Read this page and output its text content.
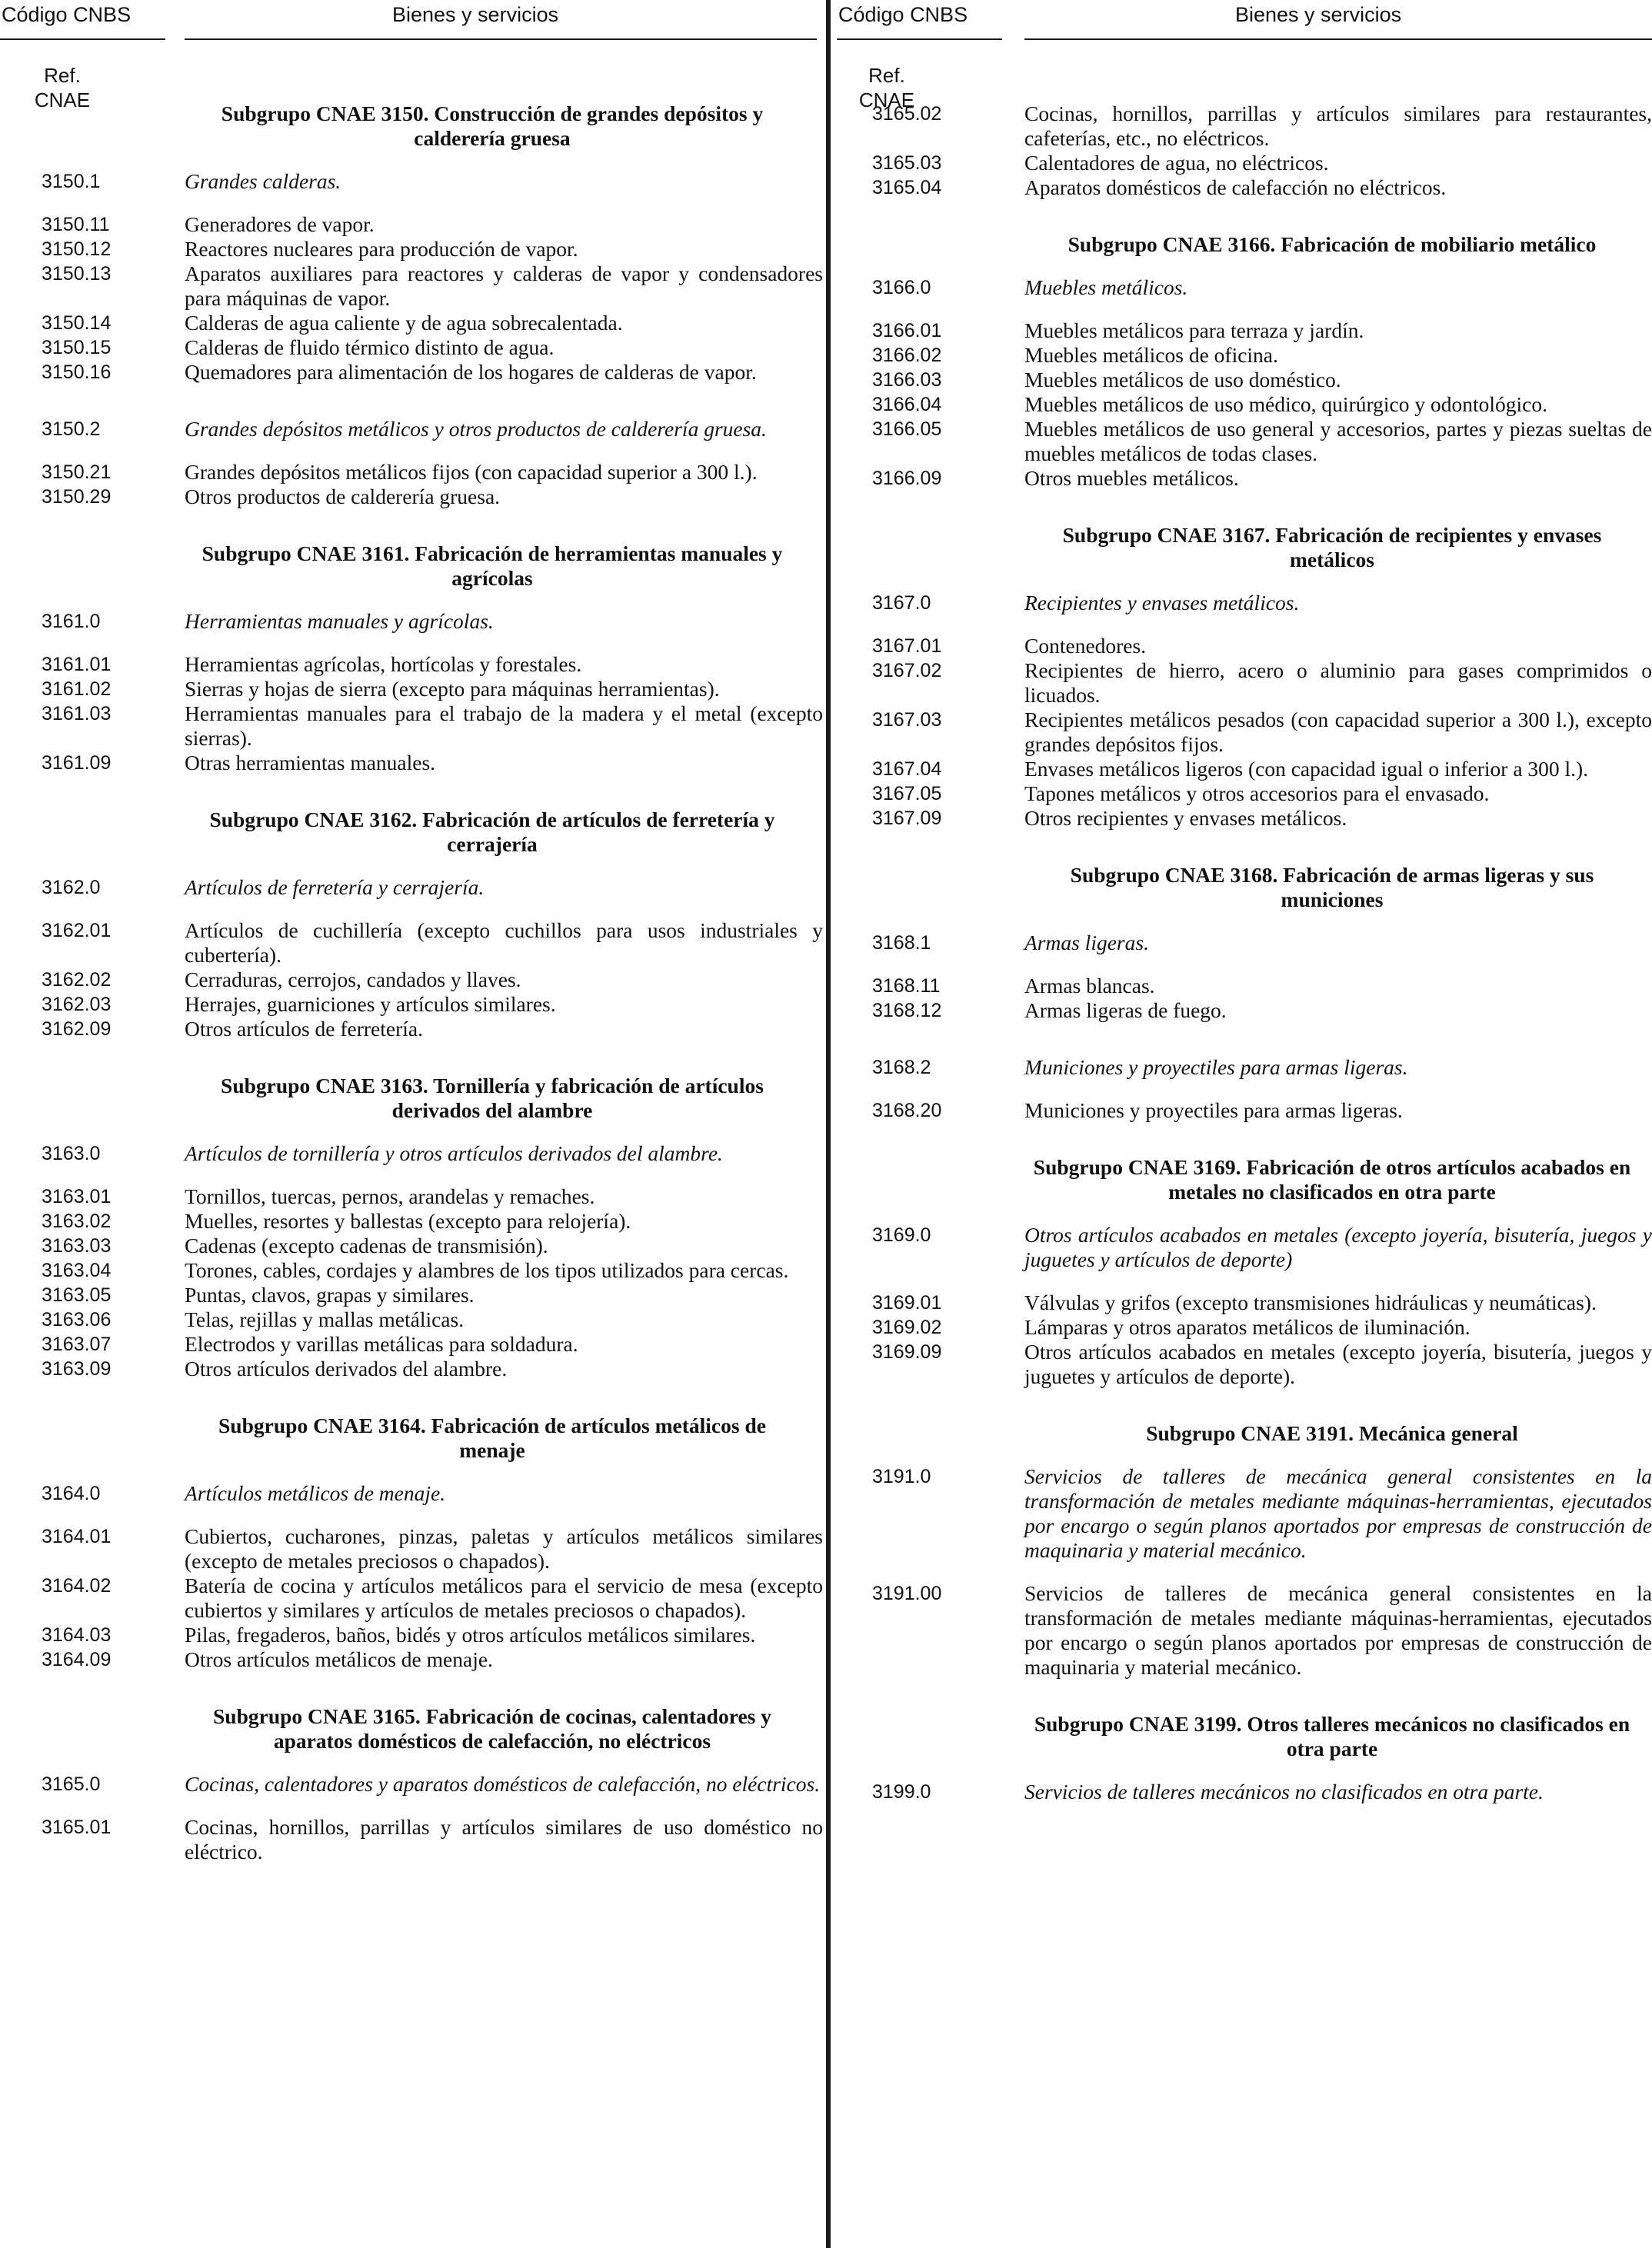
Código CNBS	Bienes y servicios
Ref.
CNAE
Subgrupo CNAE 3150. Construcción de grandes depósitos y calderería gruesa
3150.1	Grandes calderas.
3150.11	Generadores de vapor.
3150.12	Reactores nucleares para producción de vapor.
3150.13	Aparatos auxiliares para reactores y calderas de vapor y condensadores para máquinas de vapor.
3150.14	Calderas de agua caliente y de agua sobrecalentada.
3150.15	Calderas de fluido térmico distinto de agua.
3150.16	Quemadores para alimentación de los hogares de calderas de vapor.
3150.2	Grandes depósitos metálicos y otros productos de calderería gruesa.
3150.21	Grandes depósitos metálicos fijos (con capacidad superior a 300 l.).
3150.29	Otros productos de calderería gruesa.
Subgrupo CNAE 3161. Fabricación de herramientas manuales y agrícolas
3161.0	Herramientas manuales y agrícolas.
3161.01	Herramientas agrícolas, hortícolas y forestales.
3161.02	Sierras y hojas de sierra (excepto para máquinas herramientas).
3161.03	Herramientas manuales para el trabajo de la madera y el metal (excepto sierras).
3161.09	Otras herramientas manuales.
Subgrupo CNAE 3162. Fabricación de artículos de ferretería y cerrajería
3162.0	Artículos de ferretería y cerrajería.
3162.01	Artículos de cuchillería (excepto cuchillos para usos industriales y cubertería).
3162.02	Cerraduras, cerrojos, candados y llaves.
3162.03	Herrajes, guarniciones y artículos similares.
3162.09	Otros artículos de ferretería.
Subgrupo CNAE 3163. Tornillería y fabricación de artículos derivados del alambre
3163.0	Artículos de tornillería y otros artículos derivados del alambre.
3163.01	Tornillos, tuercas, pernos, arandelas y remaches.
3163.02	Muelles, resortes y ballestas (excepto para relojería).
3163.03	Cadenas (excepto cadenas de transmisión).
3163.04	Torones, cables, cordajes y alambres de los tipos utilizados para cercas.
3163.05	Puntas, clavos, grapas y similares.
3163.06	Telas, rejillas y mallas metálicas.
3163.07	Electrodos y varillas metálicas para soldadura.
3163.09	Otros artículos derivados del alambre.
Subgrupo CNAE 3164. Fabricación de artículos metálicos de menaje
3164.0	Artículos metálicos de menaje.
3164.01	Cubiertos, cucharones, pinzas, paletas y artículos metálicos similares (excepto de metales preciosos o chapados).
3164.02	Batería de cocina y artículos metálicos para el servicio de mesa (excepto cubiertos y similares y artículos de metales preciosos o chapados).
3164.03	Pilas, fregaderos, baños, bidés y otros artículos metálicos similares.
3164.09	Otros artículos metálicos de menaje.
Subgrupo CNAE 3165. Fabricación de cocinas, calentadores y aparatos domésticos de calefacción, no eléctricos
3165.0	Cocinas, calentadores y aparatos domésticos de calefacción, no eléctricos.
3165.01	Cocinas, hornillos, parrillas y artículos similares de uso doméstico no eléctrico.
Código CNBS	Bienes y servicios
Ref.
CNAE
3165.02	Cocinas, hornillos, parrillas y artículos similares para restaurantes, cafeterías, etc., no eléctricos.
3165.03	Calentadores de agua, no eléctricos.
3165.04	Aparatos domésticos de calefacción no eléctricos.
Subgrupo CNAE 3166. Fabricación de mobiliario metálico
3166.0	Muebles metálicos.
3166.01	Muebles metálicos para terraza y jardín.
3166.02	Muebles metálicos de oficina.
3166.03	Muebles metálicos de uso doméstico.
3166.04	Muebles metálicos de uso médico, quirúrgico y odontológico.
3166.05	Muebles metálicos de uso general y accesorios, partes y piezas sueltas de muebles metálicos de todas clases.
3166.09	Otros muebles metálicos.
Subgrupo CNAE 3167. Fabricación de recipientes y envases metálicos
3167.0	Recipientes y envases metálicos.
3167.01	Contenedores.
3167.02	Recipientes de hierro, acero o aluminio para gases comprimidos o licuados.
3167.03	Recipientes metálicos pesados (con capacidad superior a 300 l.), excepto grandes depósitos fijos.
3167.04	Envases metálicos ligeros (con capacidad igual o inferior a 300 l.).
3167.05	Tapones metálicos y otros accesorios para el envasado.
3167.09	Otros recipientes y envases metálicos.
Subgrupo CNAE 3168. Fabricación de armas ligeras y sus municiones
3168.1	Armas ligeras.
3168.11	Armas blancas.
3168.12	Armas ligeras de fuego.
3168.2	Municiones y proyectiles para armas ligeras.
3168.20	Municiones y proyectiles para armas ligeras.
Subgrupo CNAE 3169. Fabricación de otros artículos acabados en metales no clasificados en otra parte
3169.0	Otros artículos acabados en metales (excepto joyería, bisutería, juegos y juguetes y artículos de deporte)
3169.01	Válvulas y grifos (excepto transmisiones hidráulicas y neumáticas).
3169.02	Lámparas y otros aparatos metálicos de iluminación.
3169.09	Otros artículos acabados en metales (excepto joyería, bisutería, juegos y juguetes y artículos de deporte).
Subgrupo CNAE 3191. Mecánica general
3191.0	Servicios de talleres de mecánica general consistentes en la transformación de metales mediante máquinas-herramientas, ejecutados por encargo o según planos aportados por empresas de construcción de maquinaria y material mecánico.
3191.00	Servicios de talleres de mecánica general consistentes en la transformación de metales mediante máquinas-herramientas, ejecutados por encargo o según planos aportados por empresas de construcción de maquinaria y material mecánico.
Subgrupo CNAE 3199. Otros talleres mecánicos no clasificados en otra parte
3199.0	Servicios de talleres mecánicos no clasificados en otra parte.
